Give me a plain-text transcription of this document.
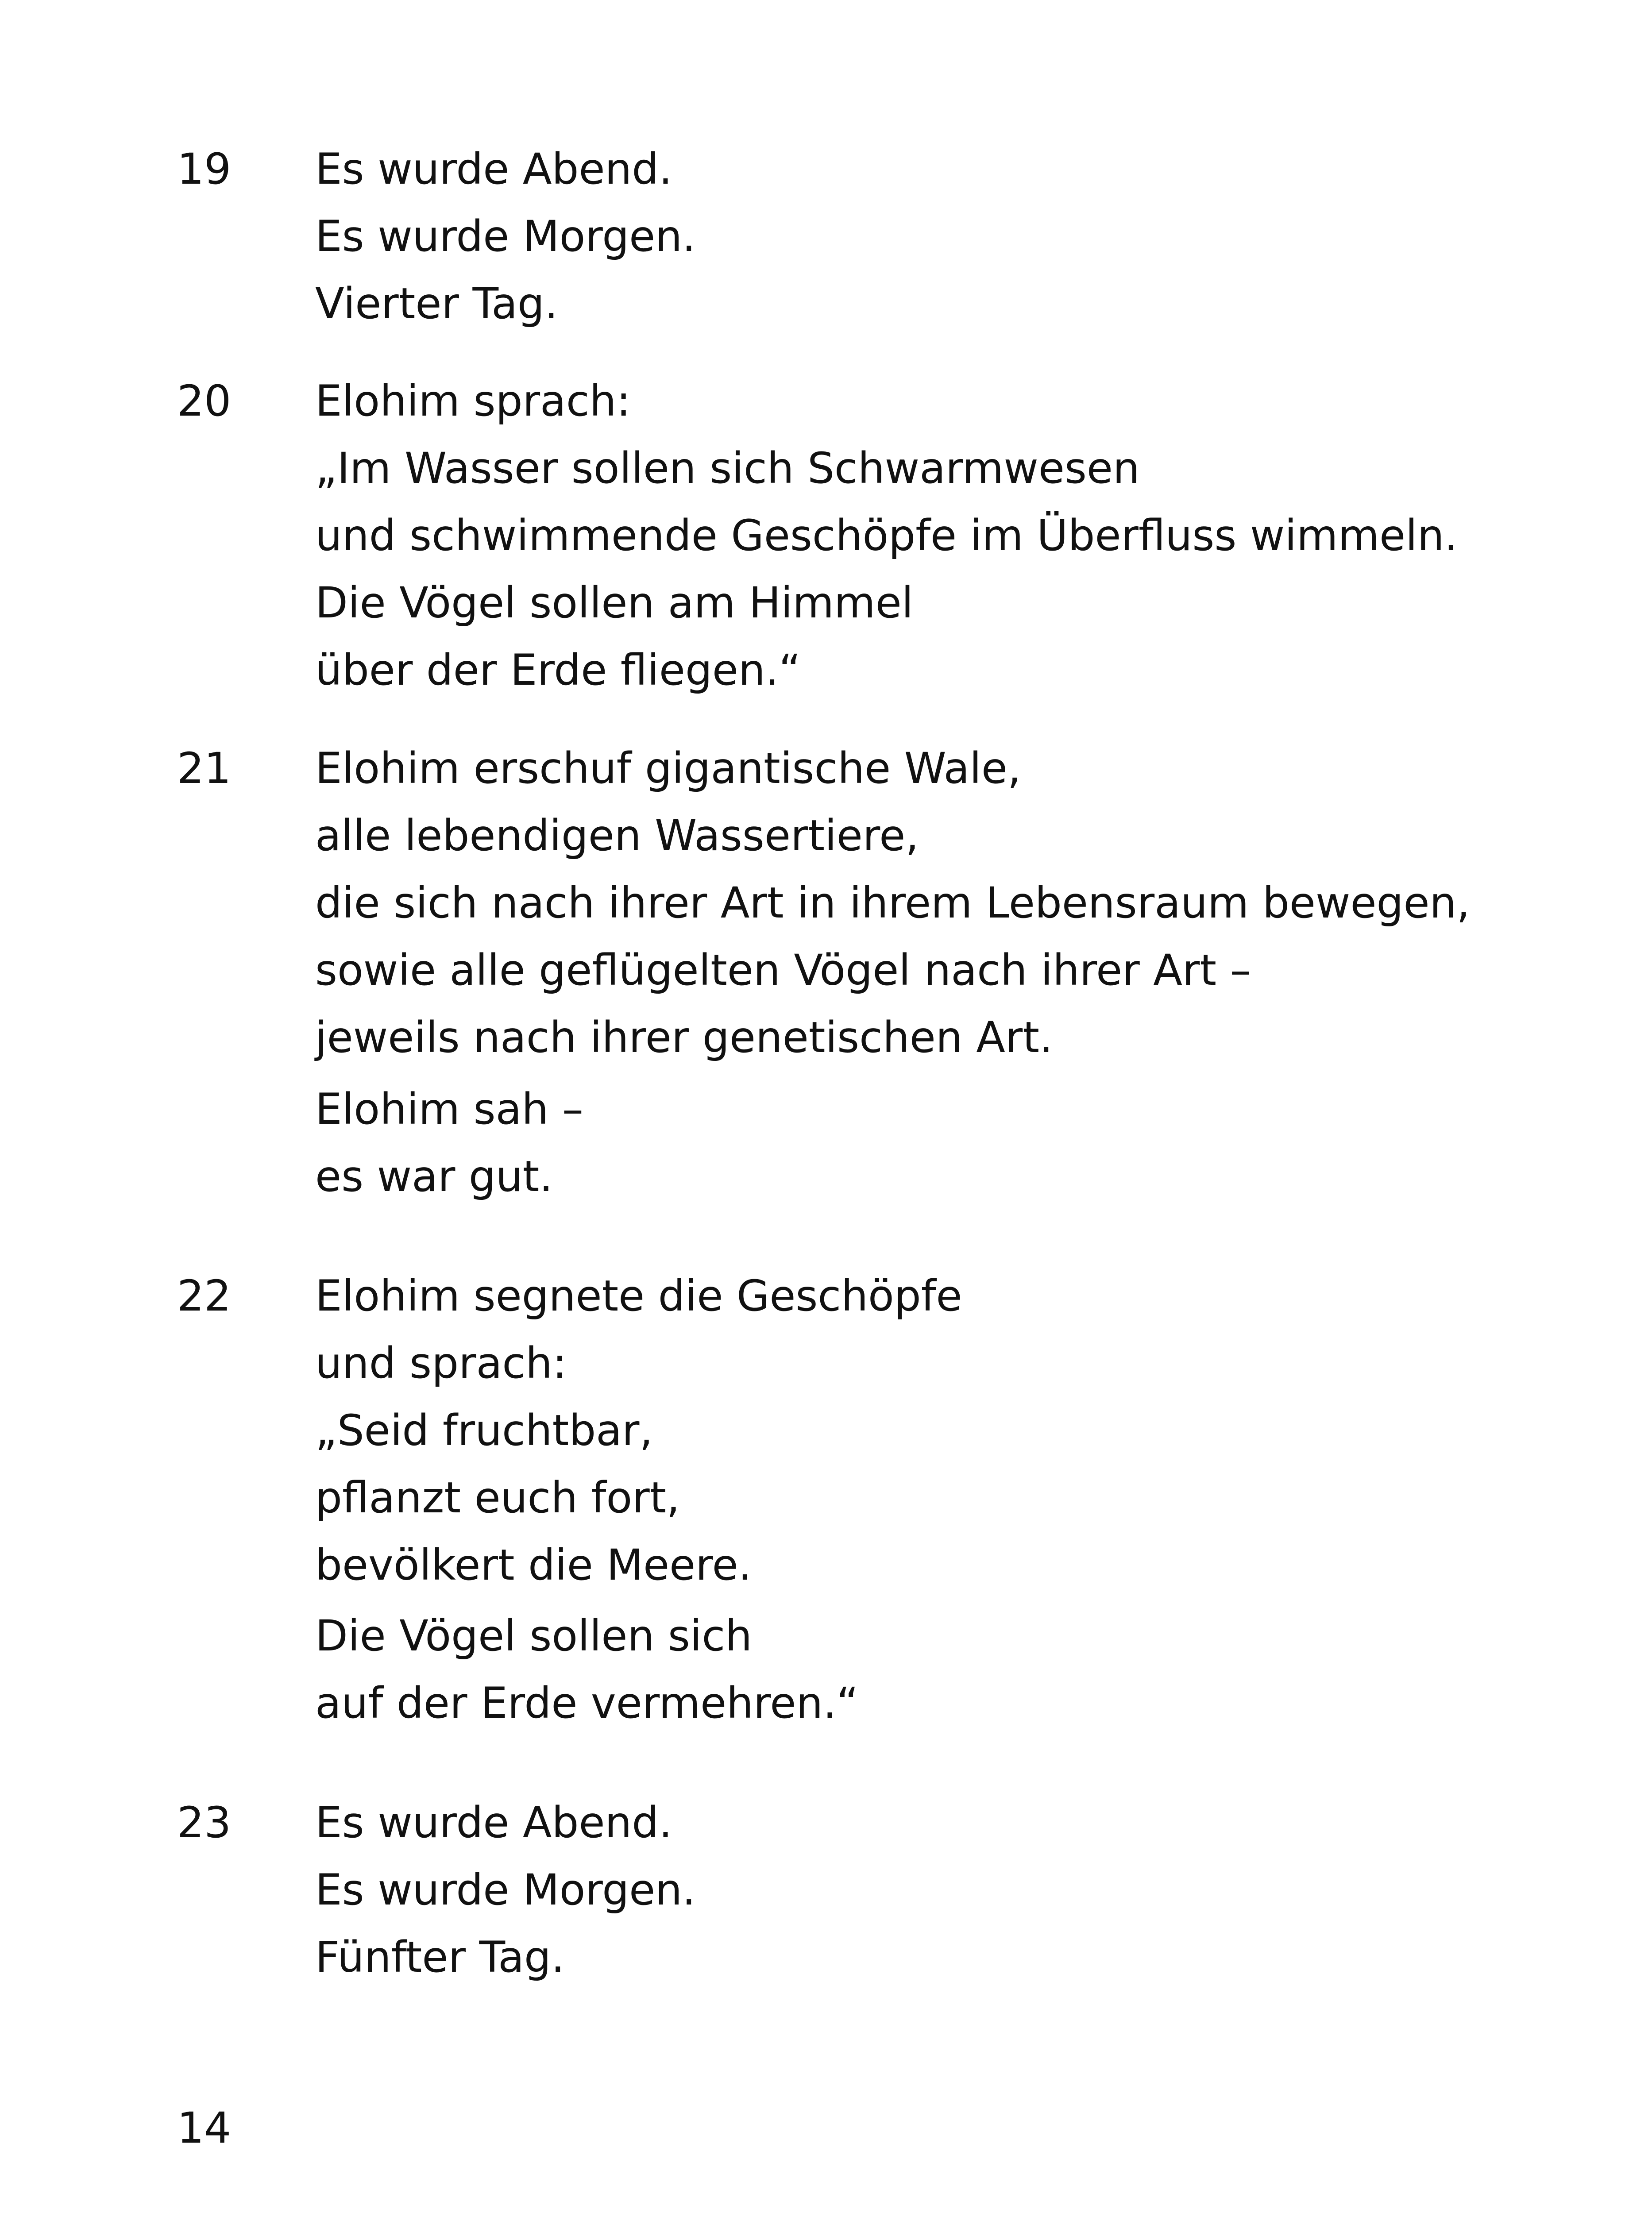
19 Es wurde Abend.
Es wurde Morgen.
Vierter Tag.
20 Elohim sprach:
„Im Wasser sollen sich Schwarmwesen
und schwimmende Geschöpfe im Überfluss wimmeln.
Die Vögel sollen am Himmel
über der Erde fliegen.“
21 Elohim erschuf gigantische Wale,
alle lebendigen Wassertiere,
die sich nach ihrer Art in ihrem Lebensraum bewegen,
sowie alle geflügelten Vögel nach ihrer Art –
jeweils nach ihrer genetischen Art.
Elohim sah –
es war gut.
22 Elohim segnete die Geschöpfe
und sprach:
„Seid fruchtbar,
pflanzt euch fort,
bevölkert die Meere.
Die Vögel sollen sich
auf der Erde vermehren.“
23 Es wurde Abend.
Es wurde Morgen.
Fünfter Tag.
14
